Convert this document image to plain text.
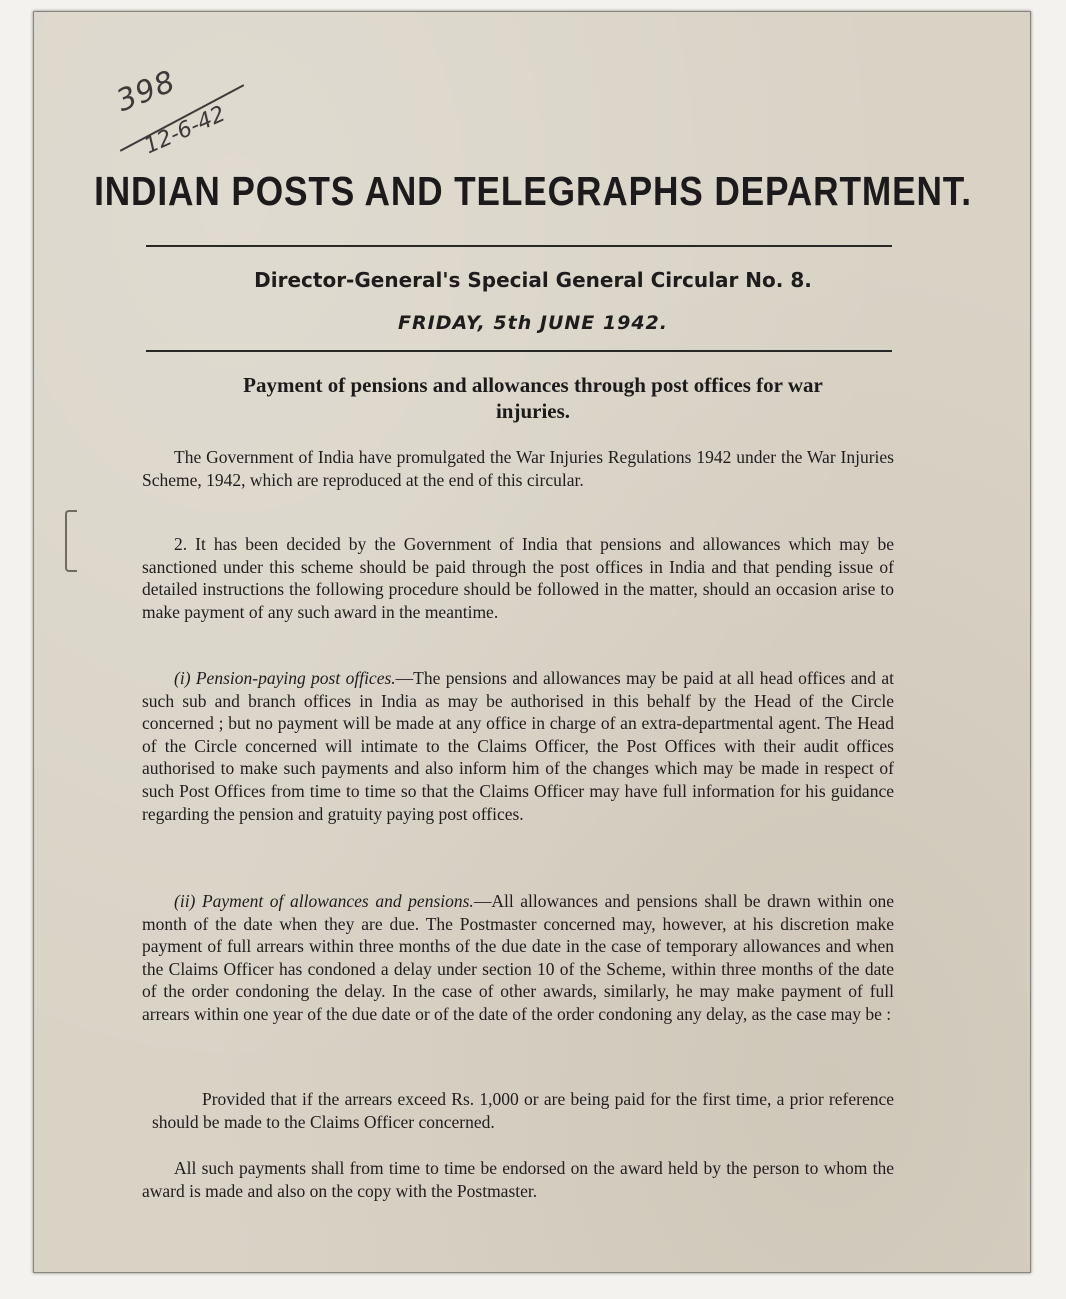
398
12-6-42
INDIAN POSTS AND TELEGRAPHS DEPARTMENT.
Director-General's Special General Circular No. 8.
FRIDAY, 5th JUNE 1942.
Payment of pensions and allowances through post offices for war
injuries.

The Government of India have promulgated the War Injuries Regulations 1942 under the War Injuries Scheme, 1942, which are reproduced at the end of this circular.

2. It has been decided by the Government of India that pensions and allowances which may be sanctioned under this scheme should be paid through the post offices in India and that pending issue of detailed instructions the following procedure should be followed in the matter, should an occasion arise to make payment of any such award in the meantime.

(i) Pension-paying post offices.—The pensions and allowances may be paid at all head offices and at such sub and branch offices in India as may be authorised in this behalf by the Head of the Circle concerned ; but no payment will be made at any office in charge of an extra-departmental agent. The Head of the Circle concerned will intimate to the Claims Officer, the Post Offices with their audit offices authorised to make such payments and also inform him of the changes which may be made in respect of such Post Offices from time to time so that the Claims Officer may have full information for his guidance regarding the pension and gratuity paying post offices.

(ii) Payment of allowances and pensions.—All allowances and pensions shall be drawn within one month of the date when they are due. The Postmaster concerned may, however, at his discretion make payment of full arrears within three months of the due date in the case of temporary allowances and when the Claims Officer has condoned a delay under section 10 of the Scheme, within three months of the date of the order condoning the delay. In the case of other awards, similarly, he may make payment of full arrears within one year of the due date or of the date of the order condoning any delay, as the case may be :

Provided that if the arrears exceed Rs. 1,000 or are being paid for the first time, a prior reference should be made to the Claims Officer concerned.

All such payments shall from time to time be endorsed on the award held by the person to whom the award is made and also on the copy with the Postmaster.
